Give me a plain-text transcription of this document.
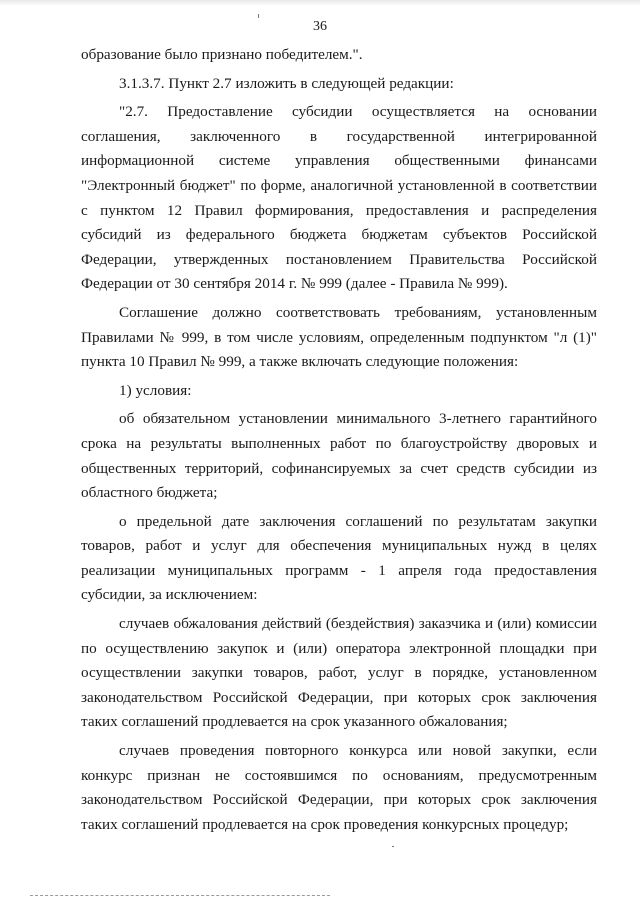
36

образование было признано победителем.".

3.1.3.7. Пункт 2.7 изложить в следующей редакции:

"2.7. Предоставление субсидии осуществляется на основании соглашения, заключенного в государственной интегрированной информационной системе управления общественными финансами "Электронный бюджет" по форме, аналогичной установленной в соответствии с пунктом 12 Правил формирования, предоставления и распределения субсидий из федерального бюджета бюджетам субъектов Российской Федерации, утвержденных постановлением Правительства Российской Федерации от 30 сентября 2014 г. № 999 (далее - Правила № 999).

Соглашение должно соответствовать требованиям, установленным Правилами № 999, в том числе условиям, определенным подпунктом "л (1)" пункта 10 Правил № 999, а также включать следующие положения:

1) условия:

об обязательном установлении минимального 3-летнего гарантийного срока на результаты выполненных работ по благоустройству дворовых и общественных территорий, софинансируемых за счет средств субсидии из областного бюджета;

о предельной дате заключения соглашений по результатам закупки товаров, работ и услуг для обеспечения муниципальных нужд в целях реализации муниципальных программ - 1 апреля года предоставления субсидии, за исключением:

случаев обжалования действий (бездействия) заказчика и (или) комиссии по осуществлению закупок и (или) оператора электронной площадки при осуществлении закупки товаров, работ, услуг в порядке, установленном законодательством Российской Федерации, при которых срок заключения таких соглашений продлевается на срок указанного обжалования;

случаев проведения повторного конкурса или новой закупки, если конкурс признан не состоявшимся по основаниям, предусмотренным законодательством Российской Федерации, при которых срок заключения таких соглашений продлевается на срок проведения конкурсных процедур;
